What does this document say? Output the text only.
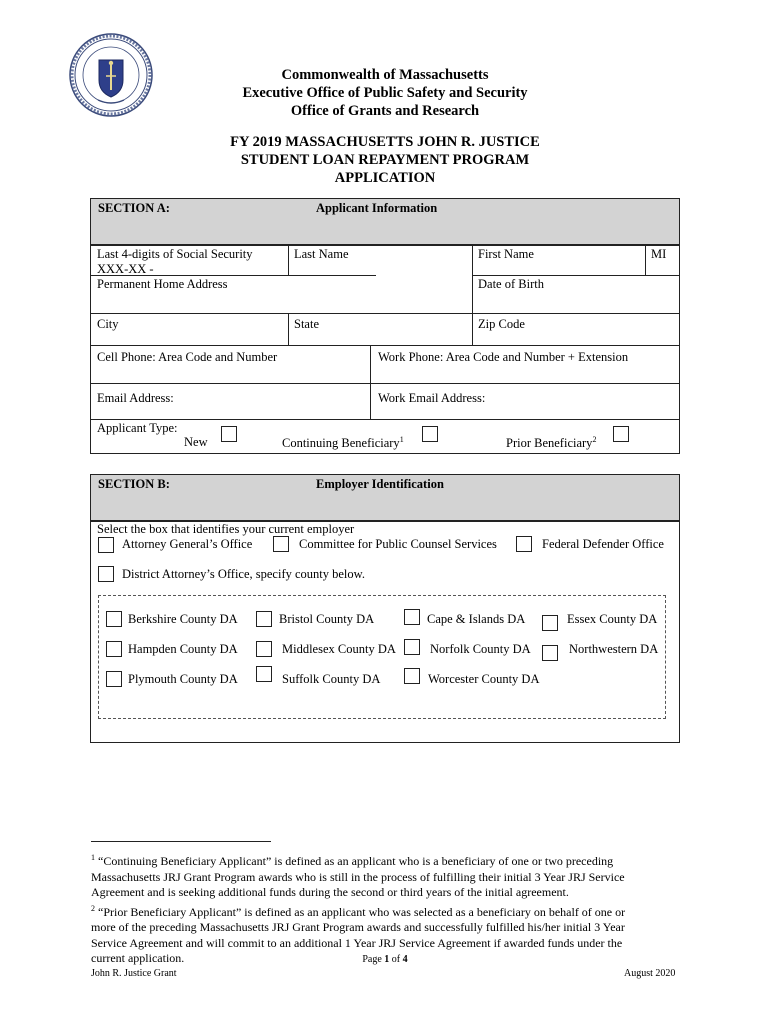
Commonwealth of Massachusetts
Executive Office of Public Safety and Security
Office of Grants and Research
FY 2019 MASSACHUSETTS JOHN R. JUSTICE
STUDENT LOAN REPAYMENT PROGRAM
APPLICATION
SECTION A:	Applicant Information
Last 4-digits of Social Security
XXX-XX -
Last Name	First Name	MI
Permanent Home Address	Date of Birth
City	State	Zip Code
Cell Phone: Area Code and Number	Work Phone: Area Code and Number + Extension
Email Address:	Work Email Address:
Applicant Type:
New	Continuing Beneficiary$^1$	Prior Beneficiary$^2$
SECTION B:	Employer Identification
Select the box that identifies your current employer
Attorney General’s Office	Committee for Public Counsel Services	Federal Defender Office
District Attorney’s Office, specify county below.
Berkshire County DA	Bristol County DA	Cape & Islands DA	Essex County DA
Hampden County DA	Middlesex County DA	Norfolk County DA	Northwestern DA
Plymouth County DA	Suffolk County DA	Worcester County DA
$^1$ “Continuing Beneficiary Applicant” is defined as an applicant who is a beneficiary of one or two preceding
Massachusetts JRJ Grant Program awards who is still in the process of fulfilling their initial 3 Year JRJ Service
Agreement and is seeking additional funds during the second or third years of the initial agreement.
$^2$ “Prior Beneficiary Applicant” is defined as an applicant who was selected as a beneficiary on behalf of one or
more of the preceding Massachusetts JRJ Grant Program awards and successfully fulfilled his/her initial 3 Year
Service Agreement and will commit to an additional 1 Year JRJ Service Agreement if awarded funds under the
current application.	Page 1 of 4
John R. Justice Grant	August 2020
